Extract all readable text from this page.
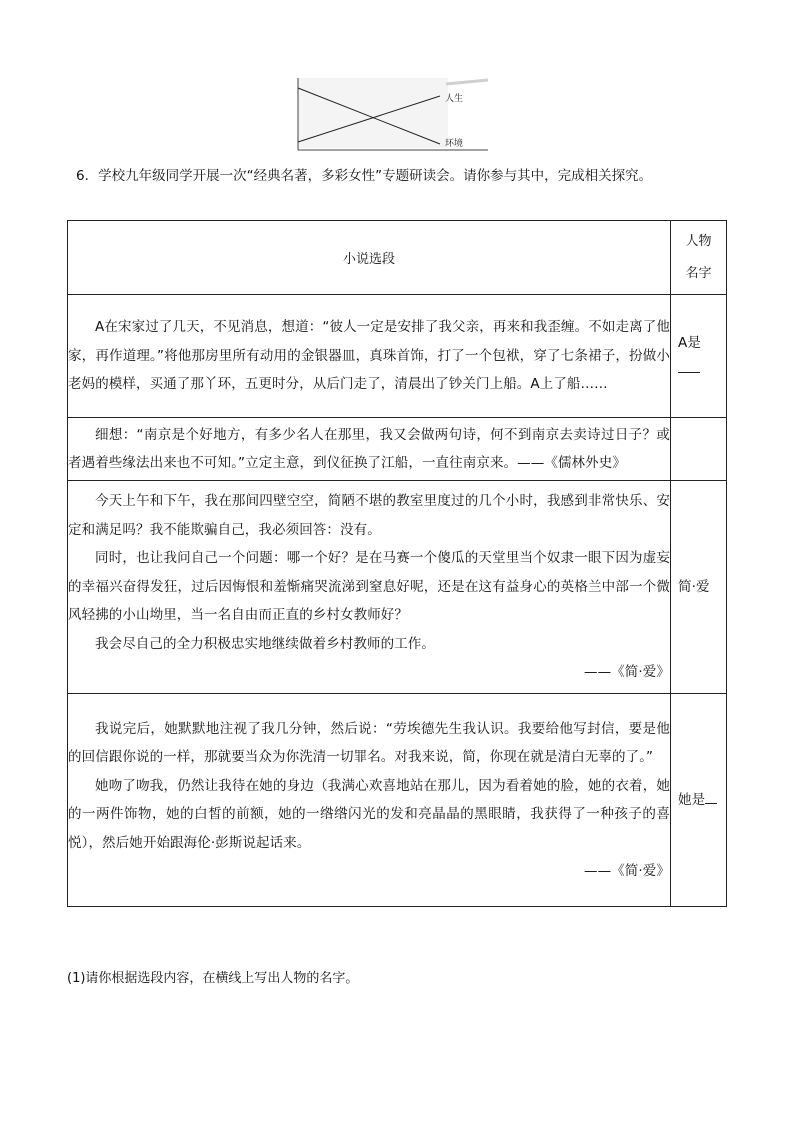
人生
环境
6．学校九年级同学开展一次“经典名著，多彩女性”专题研读会。请你参与其中，完成相关探究。
小说选段	人物
名字

A在宋家过了几天，不见消息，想道：“彼人一定是安排了我父亲，再来和我歪缠。不如走离了他家，再作道理。”将他那房里所有动用的金银器皿，真珠首饰，打了一个包袱，穿了七条裙子，扮做小老妈的模样，买通了那丫环，五更时分，从后门走了，清晨出了钞关门上船。A上了船……	A是

细想：“南京是个好地方，有多少名人在那里，我又会做两句诗，何不到南京去卖诗过日子？或者遇着些缘法出来也不可知。”立定主意，到仪征换了江船，一直往南京来。——《儒林外史》	

今天上午和下午，我在那间四壁空空，简陋不堪的教室里度过的几个小时，我感到非常快乐、安定和满足吗？我不能欺骗自己，我必须回答：没有。

同时，也让我问自己一个问题：哪一个好？是在马赛一个傻瓜的天堂里当个奴隶一眼下因为虚妄的幸福兴奋得发狂，过后因悔恨和羞惭痛哭流涕到窒息好呢，还是在这有益身心的英格兰中部一个微风轻拂的小山坳里，当一名自由而正直的乡村女教师好？

我会尽自己的全力积极忠实地继续做着乡村教师的工作。

——《简·爱》	简·爱

我说完后，她默默地注视了我几分钟，然后说：“劳埃德先生我认识。我要给他写封信，要是他的回信跟你说的一样，那就要当众为你洗清一切罪名。对我来说，简，你现在就是清白无辜的了。”

她吻了吻我，仍然让我待在她的身边（我满心欢喜地站在那儿，因为看着她的脸，她的衣着，她的一两件饰物，她的白皙的前额，她的一绺绺闪光的发和亮晶晶的黑眼睛，我获得了一种孩子的喜悦），然后她开始跟海伦·彭斯说起话来。

——《简·爱》	她是
(1)请你根据选段内容，在横线上写出人物的名字。
